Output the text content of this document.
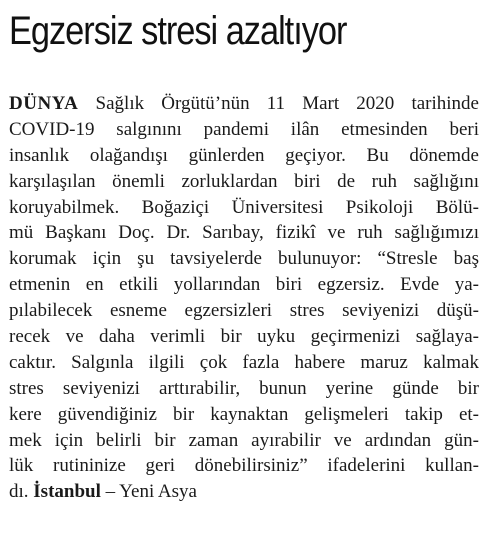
Egzersiz stresi azaltıyor
DÜNYA Sağlık Örgütü’nün 11 Mart 2020 tarihinde
COVID-19 salgınını pandemi ilân etmesinden beri
insanlık olağandışı günlerden geçiyor. Bu dönemde
karşılaşılan önemli zorluklardan biri de ruh sağlığını
koruyabilmek. Boğaziçi Üniversitesi Psikoloji Bölü-
mü Başkanı Doç. Dr. Sarıbay, fizikî ve ruh sağlığımızı
korumak için şu tavsiyelerde bulunuyor: “Stresle baş
etmenin en etkili yollarından biri egzersiz. Evde ya-
pılabilecek esneme egzersizleri stres seviyenizi düşü-
recek ve daha verimli bir uyku geçirmenizi sağlaya-
caktır. Salgınla ilgili çok fazla habere maruz kalmak
stres seviyenizi arttırabilir, bunun yerine günde bir
kere güvendiğiniz bir kaynaktan gelişmeleri takip et-
mek için belirli bir zaman ayırabilir ve ardından gün-
lük rutininize geri dönebilirsiniz” ifadelerini kullan-
dı. İstanbul – Yeni Asya
